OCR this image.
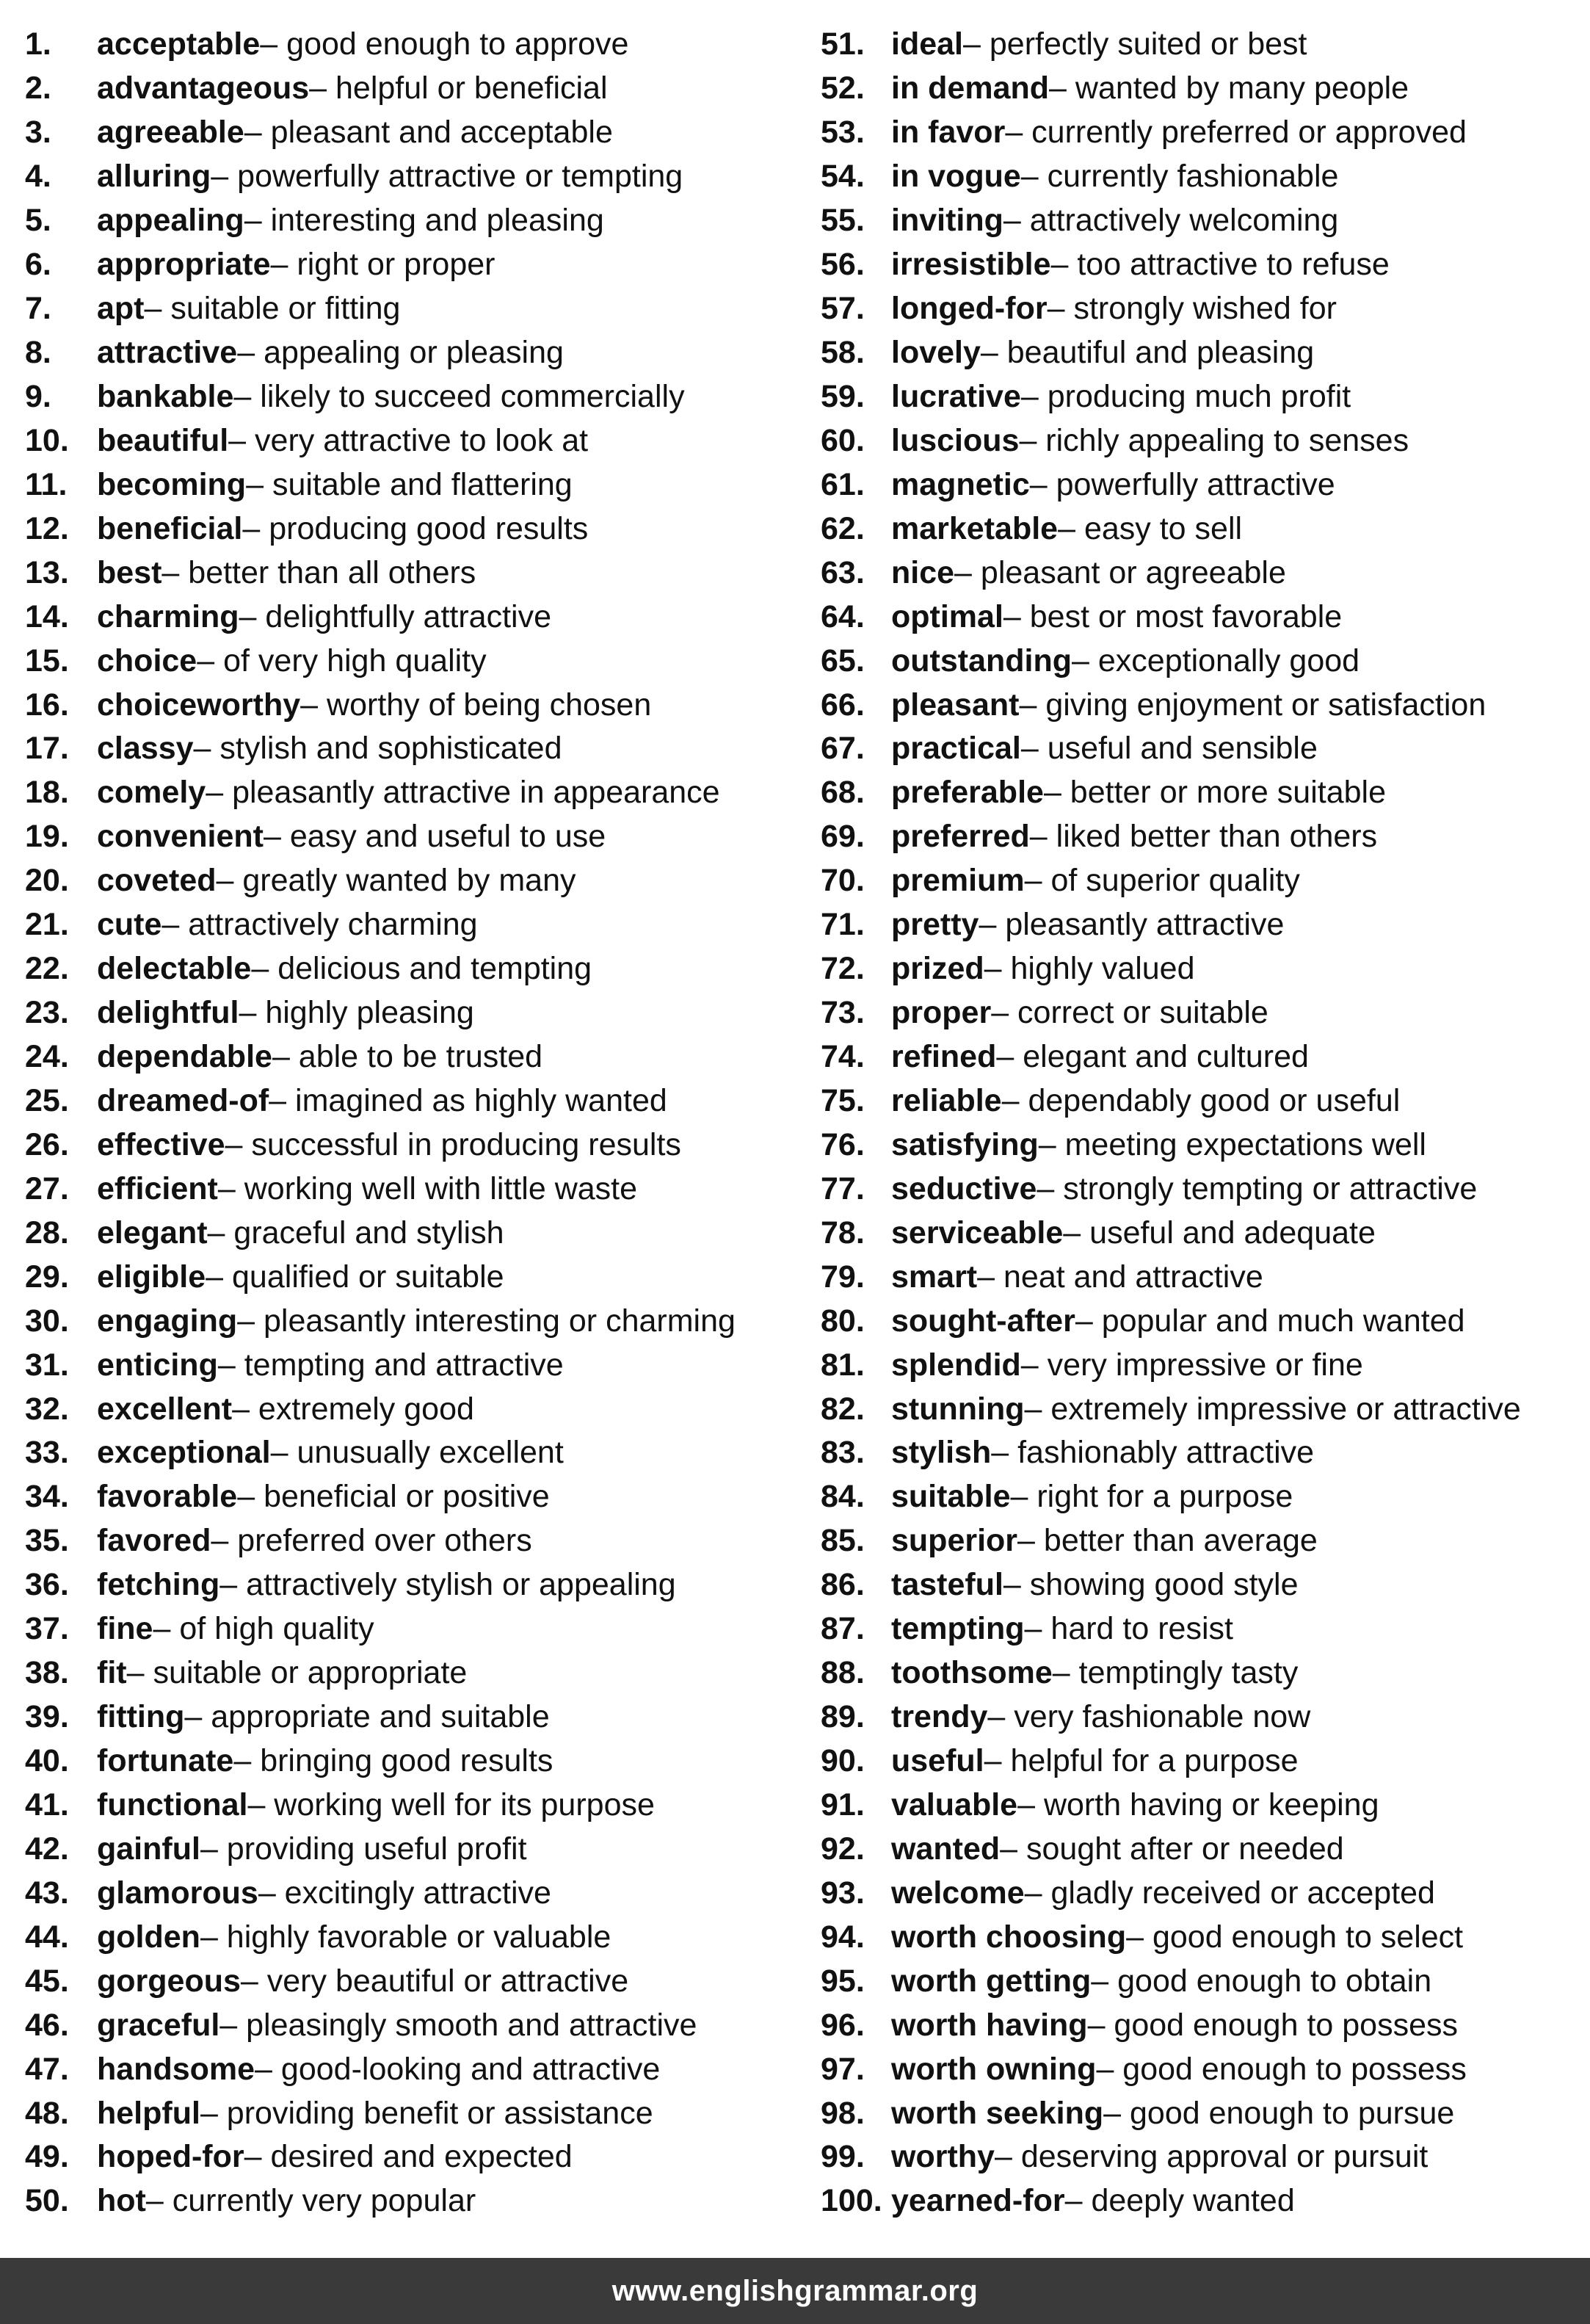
1.	acceptable – good enough to approve
2.	advantageous – helpful or beneficial
3.	agreeable – pleasant and acceptable
4.	alluring – powerfully attractive or tempting
5.	appealing – interesting and pleasing
6.	appropriate – right or proper
7.	apt – suitable or fitting
8.	attractive – appealing or pleasing
9.	bankable – likely to succeed commercially
10. beautiful – very attractive to look at
11. becoming – suitable and flattering
12. beneficial – producing good results
13. best – better than all others
14. charming – delightfully attractive
15. choice – of very high quality
16. choiceworthy – worthy of being chosen
17. classy – stylish and sophisticated
18. comely – pleasantly attractive in appearance
19. convenient – easy and useful to use
20. coveted – greatly wanted by many
21. cute – attractively charming
22. delectable – delicious and tempting
23. delightful – highly pleasing
24. dependable – able to be trusted
25. dreamed-of – imagined as highly wanted
26. effective – successful in producing results
27. efficient – working well with little waste
28. elegant – graceful and stylish
29. eligible – qualified or suitable
30. engaging – pleasantly interesting or charming
31. enticing – tempting and attractive
32. excellent – extremely good
33. exceptional – unusually excellent
34. favorable – beneficial or positive
35. favored – preferred over others
36. fetching – attractively stylish or appealing
37. fine – of high quality
38. fit – suitable or appropriate
39. fitting – appropriate and suitable
40. fortunate – bringing good results
41. functional – working well for its purpose
42. gainful – providing useful profit
43. glamorous – excitingly attractive
44. golden – highly favorable or valuable
45. gorgeous – very beautiful or attractive
46. graceful – pleasingly smooth and attractive
47. handsome – good-looking and attractive
48. helpful – providing benefit or assistance
49. hoped-for – desired and expected
50. hot – currently very popular
51. ideal – perfectly suited or best
52. in demand – wanted by many people
53. in favor – currently preferred or approved
54. in vogue – currently fashionable
55. inviting – attractively welcoming
56. irresistible – too attractive to refuse
57. longed-for – strongly wished for
58. lovely – beautiful and pleasing
59. lucrative – producing much profit
60. luscious – richly appealing to senses
61. magnetic – powerfully attractive
62. marketable – easy to sell
63. nice – pleasant or agreeable
64. optimal – best or most favorable
65. outstanding – exceptionally good
66. pleasant – giving enjoyment or satisfaction
67. practical – useful and sensible
68. preferable – better or more suitable
69. preferred – liked better than others
70. premium – of superior quality
71. pretty – pleasantly attractive
72. prized – highly valued
73. proper – correct or suitable
74. refined – elegant and cultured
75. reliable – dependably good or useful
76. satisfying – meeting expectations well
77. seductive – strongly tempting or attractive
78. serviceable – useful and adequate
79. smart – neat and attractive
80. sought-after – popular and much wanted
81. splendid – very impressive or fine
82. stunning – extremely impressive or attractive
83. stylish – fashionably attractive
84. suitable – right for a purpose
85. superior – better than average
86. tasteful – showing good style
87. tempting – hard to resist
88. toothsome – temptingly tasty
89. trendy – very fashionable now
90. useful – helpful for a purpose
91. valuable – worth having or keeping
92. wanted – sought after or needed
93. welcome – gladly received or accepted
94. worth choosing – good enough to select
95. worth getting – good enough to obtain
96. worth having – good enough to possess
97. worth owning – good enough to possess
98. worth seeking – good enough to pursue
99. worthy – deserving approval or pursuit
100. yearned-for – deeply wanted
www.englishgrammar.org
